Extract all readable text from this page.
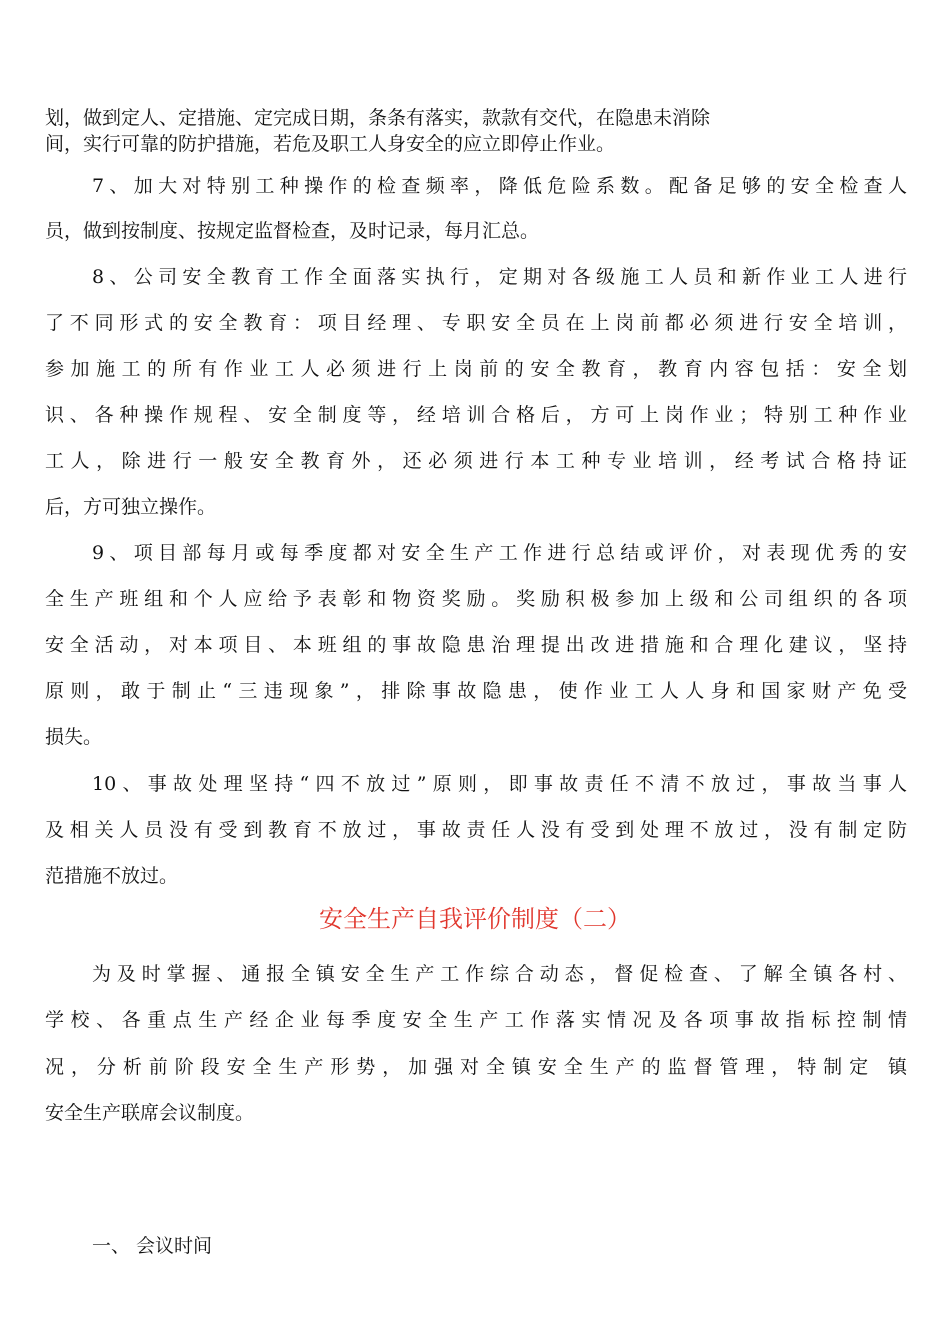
划，做到定人、定措施、定完成日期，条条有落实，款款有交代，在隐患未消除
间，实行可靠的防护措施，若危及职工人身安全的应立即停止作业。
7、加大对特别工种操作的检查频率，降低危险系数。配备足够的安全检查人
员，做到按制度、按规定监督检查，及时记录，每月汇总。
8、公司安全教育工作全面落实执行，定期对各级施工人员和新作业工人进行
了不同形式的安全教育：项目经理、专职安全员在上岗前都必须进行安全培训，
参加施工的所有作业工人必须进行上岗前的安全教育，教育内容包括：安全划
识、各种操作规程、安全制度等，经培训合格后，方可上岗作业；特别工种作业
工人，除进行一般安全教育外，还必须进行本工种专业培训，经考试合格持证
后，方可独立操作。
9、项目部每月或每季度都对安全生产工作进行总结或评价，对表现优秀的安
全生产班组和个人应给予表彰和物资奖励。奖励积极参加上级和公司组织的各项
安全活动，对本项目、本班组的事故隐患治理提出改进措施和合理化建议，坚持
原则，敢于制止“三违现象”，排除事故隐患，使作业工人人身和国家财产免受
损失。
10、事故处理坚持“四不放过”原则，即事故责任不清不放过，事故当事人
及相关人员没有受到教育不放过，事故责任人没有受到处理不放过，没有制定防
范措施不放过。
安全生产自我评价制度（二）
为及时掌握、通报全镇安全生产工作综合动态，督促检查、了解全镇各村、
学校、各重点生产经企业每季度安全生产工作落实情况及各项事故指标控制情
况，分析前阶段安全生产形势，加强对全镇安全生产的监督管理，特制定 镇
安全生产联席会议制度。
一、 会议时间
